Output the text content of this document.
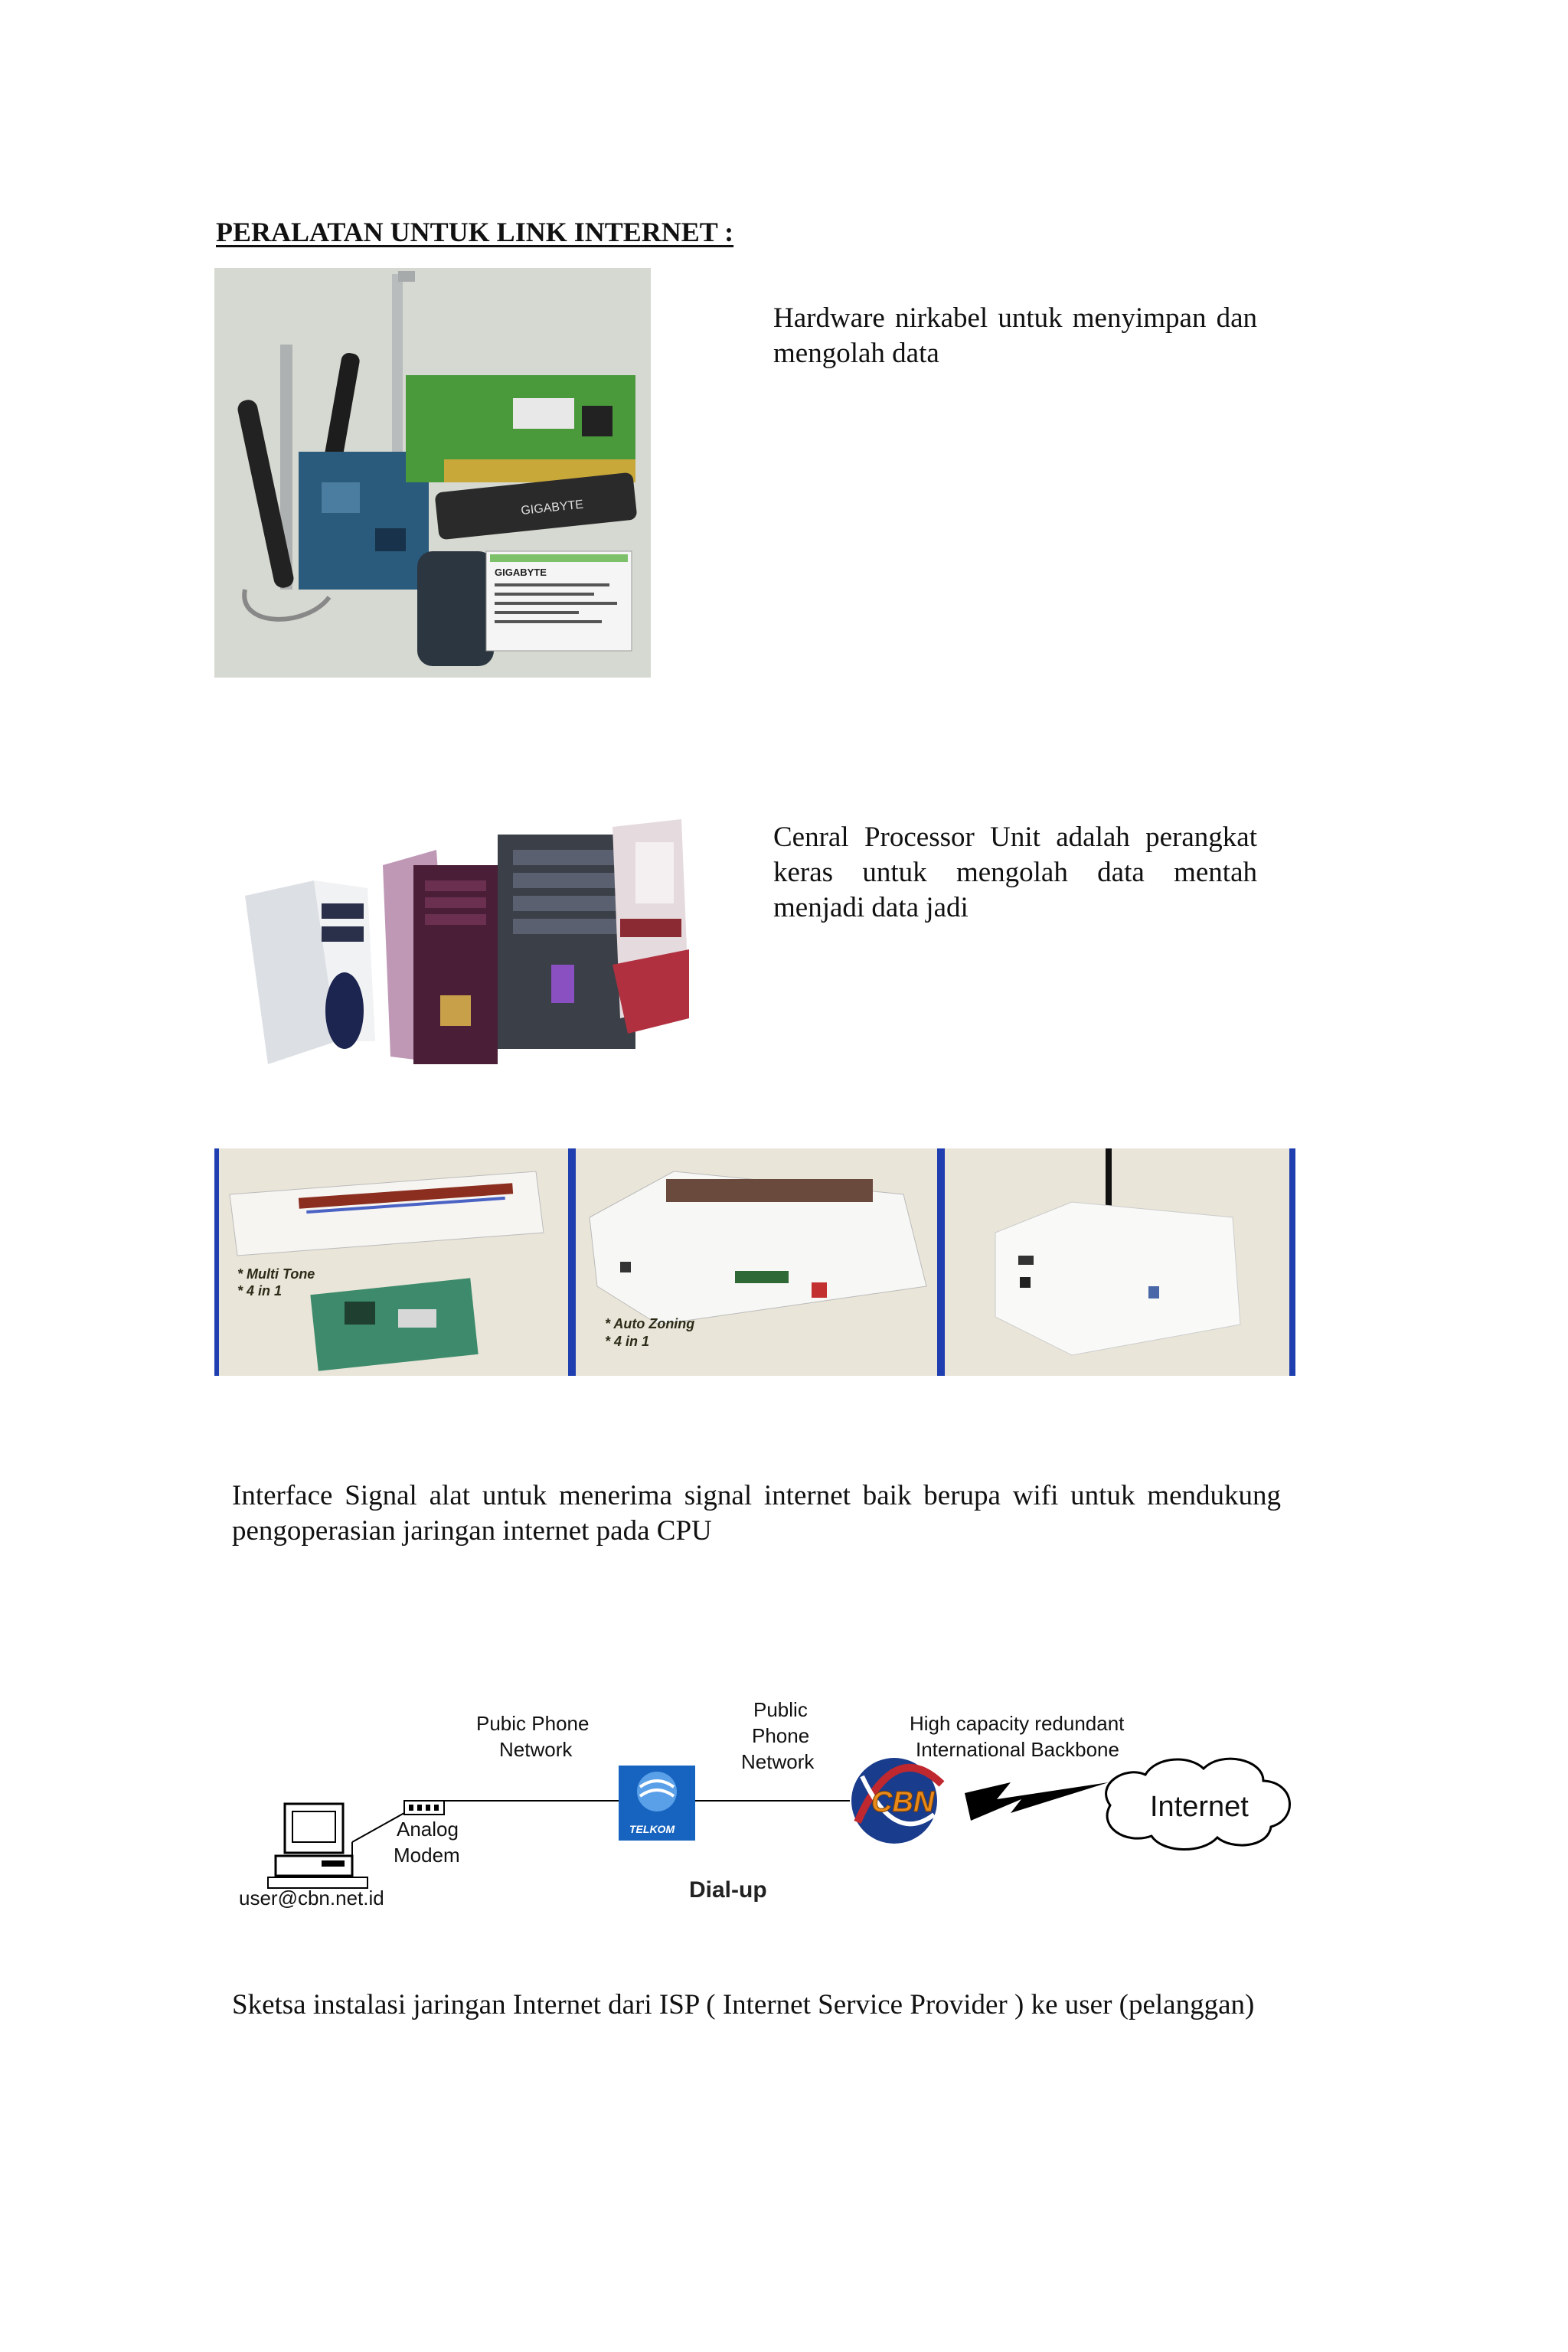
PERALATAN UNTUK LINK INTERNET :
GIGABYTE
GIGABYTE
Hardware nirkabel untuk menyimpan dan mengolah data
Cenral Processor Unit adalah perangkat keras untuk mengolah data mentah menjadi data jadi
* Multi Tone
* 4 in 1
* Auto Zoning
* 4 in 1
Interface Signal alat untuk menerima signal internet baik berupa wifi untuk mendukung pengoperasian jaringan internet pada CPU
Analog
Modem
user@cbn.net.id
Pubic Phone
Network
TELKOM
Public
Phone
Network
CBN
High capacity redundant
International Backbone
Internet
Dial-up
Sketsa instalasi jaringan Internet dari ISP ( Internet Service Provider ) ke user (pelanggan)
